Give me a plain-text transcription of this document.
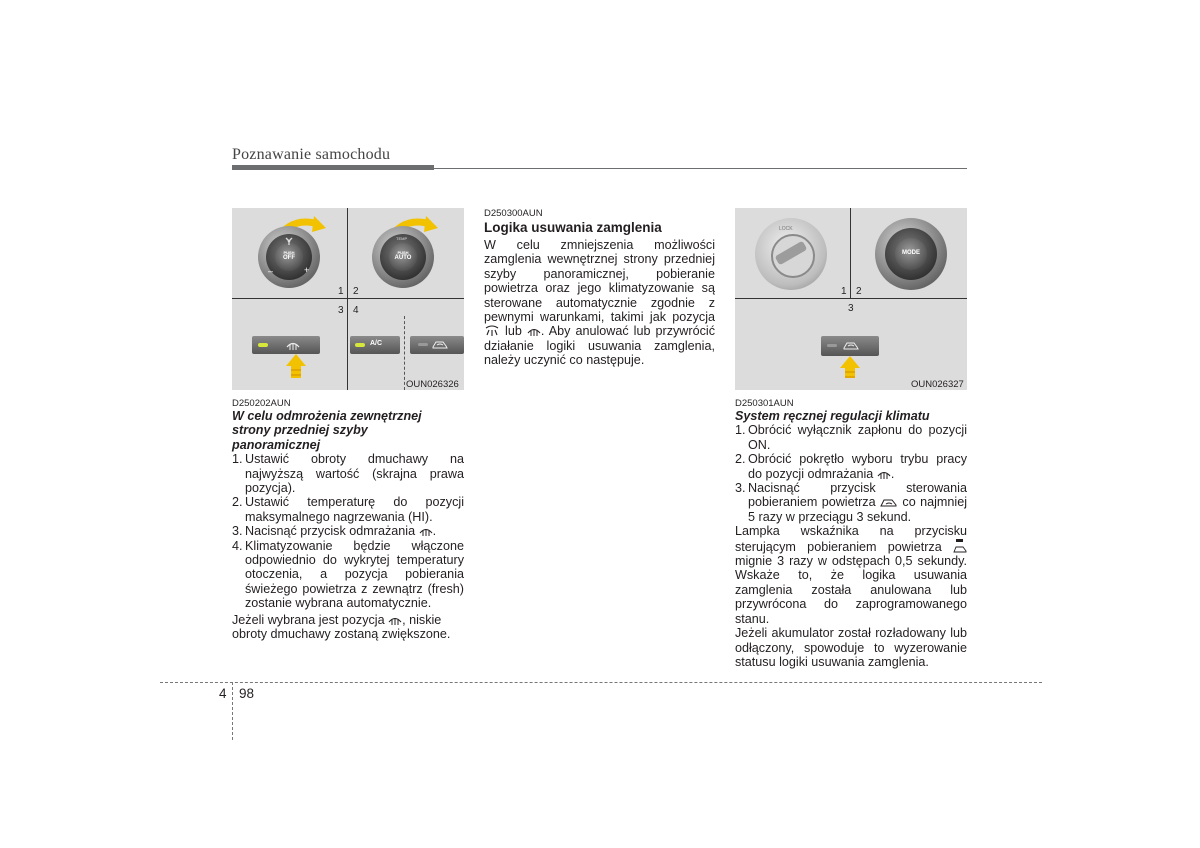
Poznawanie samochodu
PUSH
OFF
–	+
TEMP
PUSH
AUTO
1 2
3 4
A/C
OUN026326
D250202AUN

W celu odmrożenia zewnętrznej strony przedniej szyby panoramicznej

1. Ustawić obroty dmuchawy na najwyższą wartość (skrajna prawa pozycja).
2. Ustawić temperaturę do pozycji maksymalnego nagrzewania (HI).
3. Nacisnąć przycisk odmrażania .
4. Klimatyzowanie będzie włączone odpowiednio do wykrytej temperatury otoczenia, a pozycja pobierania świeżego powietrza z zewnątrz (fresh) zostanie wybrana automatycznie.

Jeżeli wybrana jest pozycja , niskie obroty dmuchawy zostaną zwiększone.

D250300AUN
Logika usuwania zamglenia

W celu zmniejszenia możliwości zamglenia wewnętrznej strony przedniej szyby panoramicznej, pobieranie powietrza oraz jego klimatyzowanie są sterowane automatycznie zgodnie z pewnymi warunkami, takimi jak pozycja  lub . Aby anulować lub przywrócić działanie logiki usuwania zamglenia, należy uczynić co następuje.

LOCK
MODE
1 2
3
OUN026327
D250301AUN

System ręcznej regulacji klimatu

1. Obrócić wyłącznik zapłonu do pozycji ON.
2. Obrócić pokrętło wyboru trybu pracy do pozycji odmrażania .
3. Nacisnąć przycisk sterowania pobieraniem powietrza co najmniej 5 razy w przeciągu 3 sekund.

Lampka wskaźnika na przycisku sterującym pobieraniem powietrza  mignie 3 razy w odstępach 0,5 sekundy. Wskaże to, że logika usuwania zamglenia została anulowana lub przywrócona do zaprogramowanego stanu.

Jeżeli akumulator został rozładowany lub odłączony, spowoduje to wyzerowanie statusu logiki usuwania zamglenia.

4 98
